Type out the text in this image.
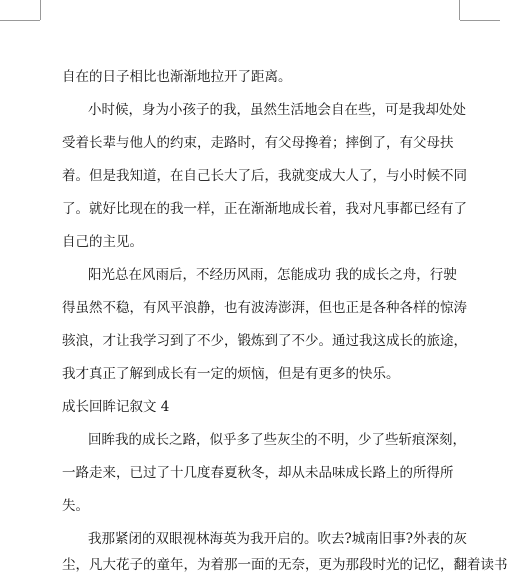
自在的日子相比也渐渐地拉开了距离。
小时候，身为小孩子的我，虽然生活地会自在些，可是我却处处
受着长辈与他人的约束，走路时，有父母搀着；摔倒了，有父母扶
着。但是我知道，在自己长大了后，我就变成大人了，与小时候不同
了。就好比现在的我一样，正在渐渐地成长着，我对凡事都已经有了
自己的主见。
阳光总在风雨后，不经历风雨，怎能成功 我的成长之舟，行驶
得虽然不稳，有风平浪静，也有波涛澎湃，但也正是各种各样的惊涛
骇浪，才让我学习到了不少，锻炼到了不少。通过我这成长的旅途，
我才真正了解到成长有一定的烦恼，但是有更多的快乐。
成长回眸记叙文 4
回眸我的成长之路，似乎多了些灰尘的不明，少了些斩痕深刻，
一路走来，已过了十几度春夏秋冬，却从未品味成长路上的所得所
失。
我那紧闭的双眼视林海英为我开启的。吹去?城南旧事?外表的灰
尘，凡大花子的童年，为着那一面的无奈，更为那段时光的记忆，翻着读书
